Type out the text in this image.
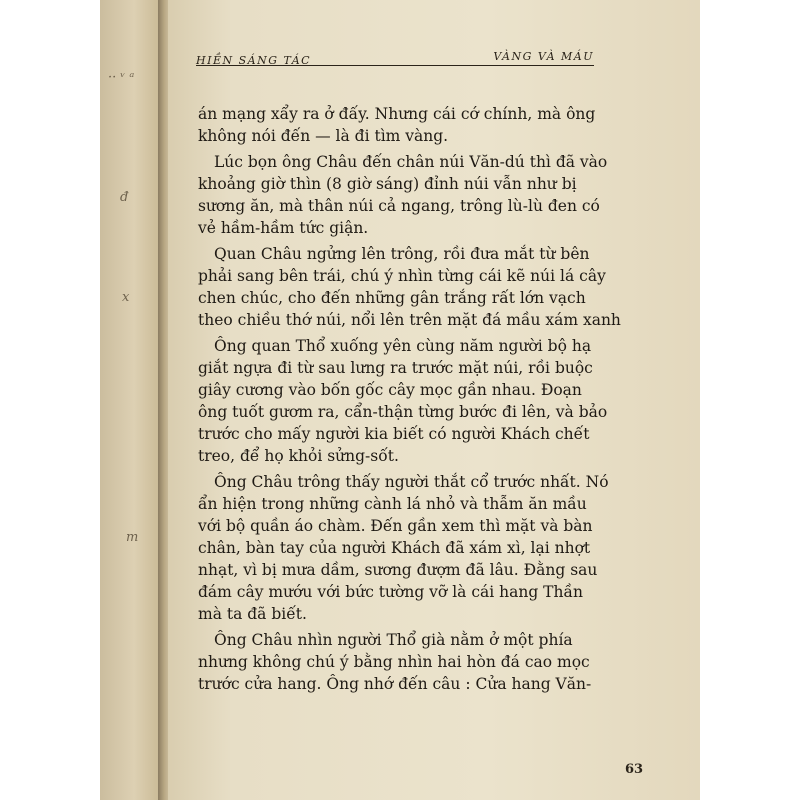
·· ᵛ ᵃ
đ
x
m
HIỀN SÁNG TÁC	VÀNG VÀ MÁU

án mạng xẩy ra ở đấy. Nhưng cái cớ chính, mà ông
không nói đến — là đi tìm vàng.

Lúc bọn ông Châu đến chân núi Văn-dú thì đã vào
khoảng giờ thìn (8 giờ sáng) đỉnh núi vẫn như bị
sương ăn, mà thân núi cả ngang, trông lù-lù đen có
vẻ hầm-hầm tức giận.

Quan Châu ngửng lên trông, rồi đưa mắt từ bên
phải sang bên trái, chú ý nhìn từng cái kẽ núi lá cây
chen chúc, cho đến những gân trắng rất lớn vạch
theo chiều thớ núi, nổi lên trên mặt đá mầu xám xanh

Ông quan Thổ xuống yên cùng năm người bộ hạ
giắt ngựa đi từ sau lưng ra trước mặt núi, rồi buộc
giây cương vào bốn gốc cây mọc gần nhau. Đoạn
ông tuốt gươm ra, cẩn-thận từng bước đi lên, và bảo
trước cho mấy người kia biết có người Khách chết
treo, để họ khỏi sửng-sốt.

Ông Châu trông thấy người thắt cổ trước nhất. Nó
ẩn hiện trong những cành lá nhỏ và thẫm ăn mầu
với bộ quần áo chàm. Đến gần xem thì mặt và bàn
chân, bàn tay của người Khách đã xám xì, lại nhợt
nhạt, vì bị mưa dầm, sương đượm đã lâu. Đằng sau
đám cây mướu với bức tường vỡ là cái hang Thần
mà ta đã biết.

Ông Châu nhìn người Thổ già nằm ở một phía
nhưng không chú ý bằng nhìn hai hòn đá cao mọc
trước cửa hang. Ông nhớ đến câu : Cửa hang Văn-

63
